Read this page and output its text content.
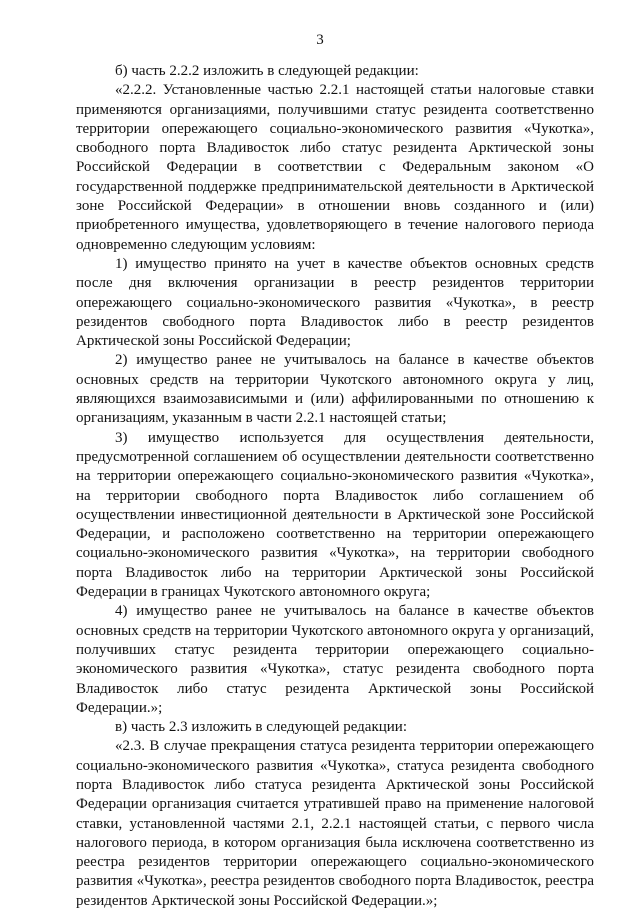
3

б) часть 2.2.2 изложить в следующей редакции:

«2.2.2. Установленные частью 2.2.1 настоящей статьи налоговые ставки применяются организациями, получившими статус резидента соответственно территории опережающего социально-экономического развития «Чукотка», свободного порта Владивосток либо статус резидента Арктической зоны Российской Федерации в соответствии с Федеральным законом «О государственной поддержке предпринимательской деятельности в Арктической зоне Российской Федерации» в отношении вновь созданного и (или) приобретенного имущества, удовлетворяющего в течение налогового периода одновременно следующим условиям:

1) имущество принято на учет в качестве объектов основных средств после дня включения организации в реестр резидентов территории опережающего социально-экономического развития «Чукотка», в реестр резидентов свободного порта Владивосток либо в реестр резидентов Арктической зоны Российской Федерации;

2) имущество ранее не учитывалось на балансе в качестве объектов основных средств на территории Чукотского автономного округа у лиц, являющихся взаимозависимыми и (или) аффилированными по отношению к организациям, указанным в части 2.2.1 настоящей статьи;

3) имущество используется для осуществления деятельности, предусмотренной соглашением об осуществлении деятельности соответственно на территории опережающего социально-экономического развития «Чукотка», на территории свободного порта Владивосток либо соглашением об осуществлении инвестиционной деятельности в Арктической зоне Российской Федерации, и расположено соответственно на территории опережающего социально-экономического развития «Чукотка», на территории свободного порта Владивосток либо на территории Арктической зоны Российской Федерации в границах Чукотского автономного округа;

4) имущество ранее не учитывалось на балансе в качестве объектов основных средств на территории Чукотского автономного округа у организаций, получивших статус резидента территории опережающего социально-экономического развития «Чукотка», статус резидента свободного порта Владивосток либо статус резидента Арктической зоны Российской Федерации.»;

в) часть 2.3 изложить в следующей редакции:

«2.3. В случае прекращения статуса резидента территории опережающего социально-экономического развития «Чукотка», статуса резидента свободного порта Владивосток либо статуса резидента Арктической зоны Российской Федерации организация считается утратившей право на применение налоговой ставки, установленной частями 2.1, 2.2.1 настоящей статьи, с первого числа налогового периода, в котором организация была исключена соответственно из реестра резидентов территории опережающего социально-экономического развития «Чукотка», реестра резидентов свободного порта Владивосток, реестра резидентов Арктической зоны Российской Федерации.»;
